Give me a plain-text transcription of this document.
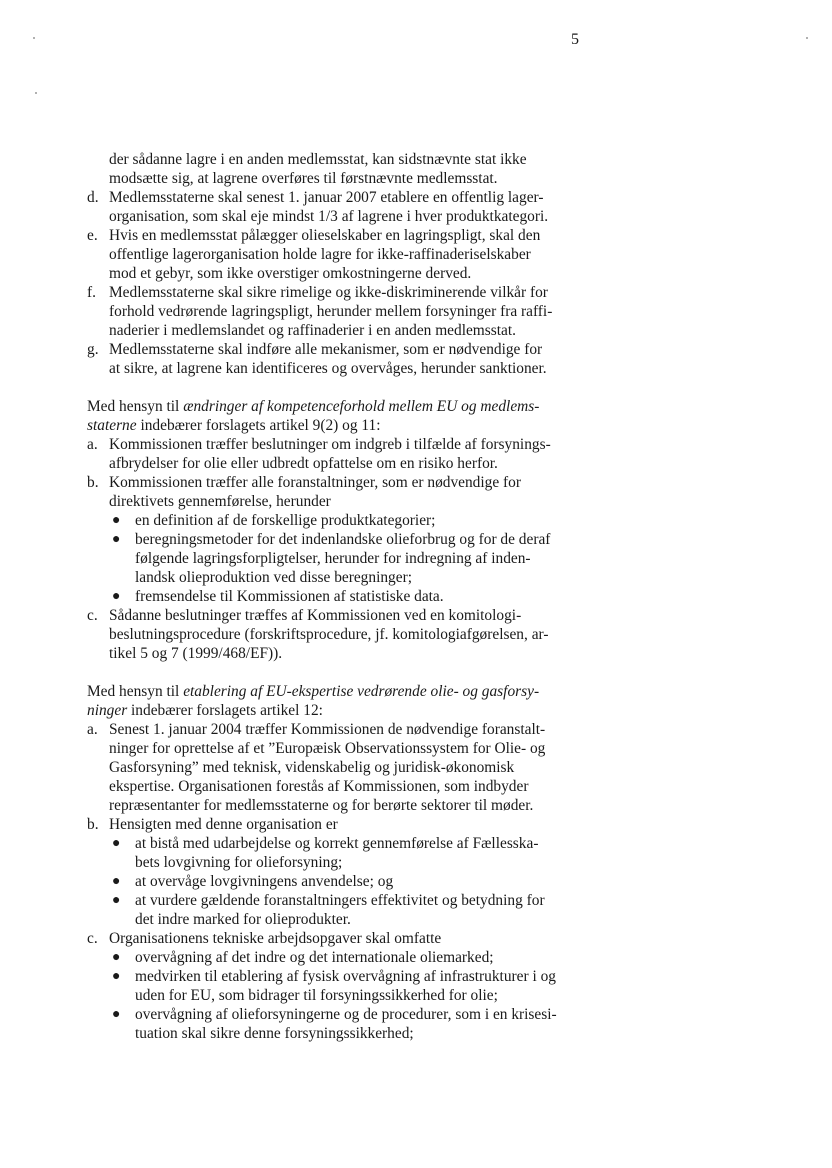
5
der sådanne lagre i en anden medlemsstat, kan sidstnævnte stat ikke
modsætte sig, at lagrene overføres til førstnævnte medlemsstat.
d. Medlemsstaterne skal senest 1. januar 2007 etablere en offentlig lager-
organisation, som skal eje mindst 1/3 af lagrene i hver produktkategori.
e. Hvis en medlemsstat pålægger olieselskaber en lagringspligt, skal den
offentlige lagerorganisation holde lagre for ikke-raffinaderiselskaber
mod et gebyr, som ikke overstiger omkostningerne derved.
f. Medlemsstaterne skal sikre rimelige og ikke-diskriminerende vilkår for
forhold vedrørende lagringspligt, herunder mellem forsyninger fra raffi-
naderier i medlemslandet og raffinaderier i en anden medlemsstat.
g. Medlemsstaterne skal indføre alle mekanismer, som er nødvendige for
at sikre, at lagrene kan identificeres og overvåges, herunder sanktioner.

Med hensyn til ændringer af kompetenceforhold mellem EU og medlems-
staterne indebærer forslagets artikel 9(2) og 11:

a. Kommissionen træffer beslutninger om indgreb i tilfælde af forsynings-
afbrydelser for olie eller udbredt opfattelse om en risiko herfor.
b. Kommissionen træffer alle foranstaltninger, som er nødvendige for
direktivets gennemførelse, herunder
● en definition af de forskellige produktkategorier;
● beregningsmetoder for det indenlandske olieforbrug og for de deraf
følgende lagringsforpligtelser, herunder for indregning af inden-
landsk olieproduktion ved disse beregninger;
● fremsendelse til Kommissionen af statistiske data.
c. Sådanne beslutninger træffes af Kommissionen ved en komitologi-
beslutningsprocedure (forskriftsprocedure, jf. komitologiafgørelsen, ar-
tikel 5 og 7 (1999/468/EF)).

Med hensyn til etablering af EU-ekspertise vedrørende olie- og gasforsy-
ninger indebærer forslagets artikel 12:

a. Senest 1. januar 2004 træffer Kommissionen de nødvendige foranstalt-
ninger for oprettelse af et ”Europæisk Observationssystem for Olie- og
Gasforsyning” med teknisk, videnskabelig og juridisk-økonomisk
ekspertise. Organisationen forestås af Kommissionen, som indbyder
repræsentanter for medlemsstaterne og for berørte sektorer til møder.
b. Hensigten med denne organisation er
● at bistå med udarbejdelse og korrekt gennemførelse af Fællesska-
bets lovgivning for olieforsyning;
● at overvåge lovgivningens anvendelse; og
● at vurdere gældende foranstaltningers effektivitet og betydning for
det indre marked for olieprodukter.
c. Organisationens tekniske arbejdsopgaver skal omfatte
● overvågning af det indre og det internationale oliemarked;
● medvirken til etablering af fysisk overvågning af infrastrukturer i og
uden for EU, som bidrager til forsyningssikkerhed for olie;
● overvågning af olieforsyningerne og de procedurer, som i en krisesi-
tuation skal sikre denne forsyningssikkerhed;
